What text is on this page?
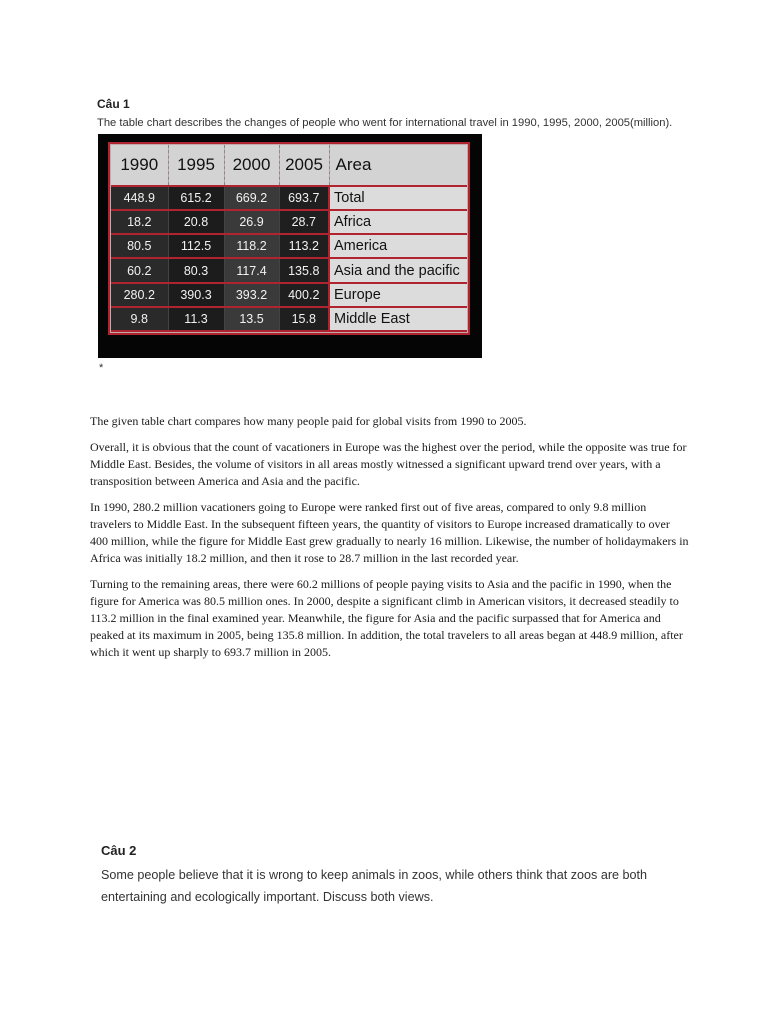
Câu 1
The table chart describes the changes of people who went for international travel in 1990, 1995, 2000, 2005(million).
1990	1995	2000	2005	Area
448.9	615.2	669.2	693.7	Total
18.2	20.8	26.9	28.7	Africa
80.5	112.5	118.2	113.2	America
60.2	80.3	117.4	135.8	Asia and the pacific
280.2	390.3	393.2	400.2	Europe
9.8	11.3	13.5	15.8	Middle East
*

The given table chart compares how many people paid for global visits from 1990 to 2005.

Overall, it is obvious that the count of vacationers in Europe was the highest over the period, while the opposite was true for Middle East. Besides, the volume of visitors in all areas mostly witnessed a significant upward trend over years, with a transposition between America and Asia and the pacific.

In 1990, 280.2 million vacationers going to Europe were ranked first out of five areas, compared to only 9.8 million travelers to Middle East. In the subsequent fifteen years, the quantity of visitors to Europe increased dramatically to over 400 million, while the figure for Middle East grew gradually to nearly 16 million. Likewise, the number of holidaymakers in Africa was initially 18.2 million, and then it rose to 28.7 million in the last recorded year.

Turning to the remaining areas, there were 60.2 millions of people paying visits to Asia and the pacific in 1990, when the figure for America was 80.5 million ones. In 2000, despite a significant climb in American visitors, it decreased steadily to 113.2 million in the final examined year. Meanwhile, the figure for Asia and the pacific surpassed that for America and peaked at its maximum in 2005, being 135.8 million. In addition, the total travelers to all areas began at 448.9 million, after which it went up sharply to 693.7 million in 2005.

Câu 2
Some people believe that it is wrong to keep animals in zoos, while others think that zoos are both entertaining and ecologically important. Discuss both views.
